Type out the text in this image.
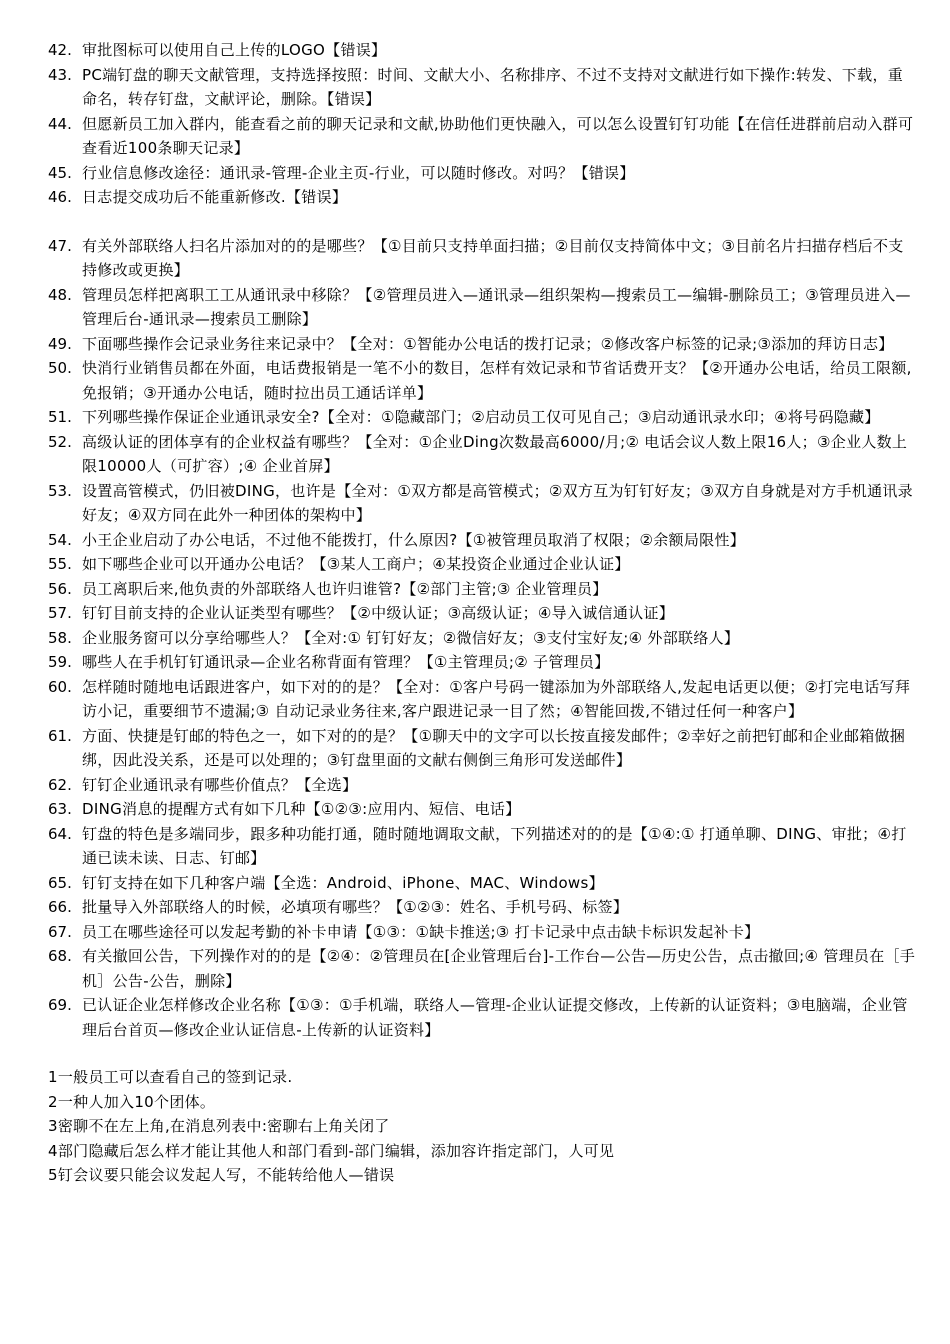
42. 审批图标可以使用自己上传的LOGO【错误】
43. PC端钉盘的聊天文献管理，支持选择按照：时间、文献大小、名称排序、不过不支持对文献进行如下操作:转发、下载，重命名，转存钉盘，文献评论，删除。【错误】
44. 但愿新员工加入群内，能查看之前的聊天记录和文献,协助他们更快融入，可以怎么设置钉钉功能【在信任进群前启动入群可查看近100条聊天记录】
45. 行业信息修改途径：通讯录-管理-企业主页-行业，可以随时修改。对吗？【错误】
46. 日志提交成功后不能重新修改.【错误】
47. 有关外部联络人扫名片添加对的的是哪些？【①目前只支持单面扫描；②目前仅支持简体中文；③目前名片扫描存档后不支持修改或更换】
48. 管理员怎样把离职工工从通讯录中移除？【②管理员进入—通讯录—组织架构—搜索员工—编辑-删除员工；③管理员进入—管理后台-通讯录—搜索员工删除】
49. 下面哪些操作会记录业务往来记录中？【全对：①智能办公电话的拨打记录；②修改客户标签的记录;③添加的拜访日志】
50. 快消行业销售员都在外面，电话费报销是一笔不小的数目，怎样有效记录和节省话费开支？【②开通办公电话，给员工限额,免报销；③开通办公电话，随时拉出员工通话详单】
51. 下列哪些操作保证企业通讯录安全?【全对：①隐藏部门；②启动员工仅可见自己；③启动通讯录水印；④将号码隐藏】
52. 高级认证的团体享有的企业权益有哪些？【全对：①企业Ding次数最高6000/月;② 电话会议人数上限16人；③企业人数上限10000人（可扩容）;④ 企业首屏】
53. 设置高管模式，仍旧被DING，也许是【全对：①双方都是高管模式；②双方互为钉钉好友；③双方自身就是对方手机通讯录好友；④双方同在此外一种团体的架构中】
54. 小王企业启动了办公电话，不过他不能拨打，什么原因?【①被管理员取消了权限；②余额局限性】
55. 如下哪些企业可以开通办公电话？【③某人工商户；④某投资企业通过企业认证】
56. 员工离职后来,他负责的外部联络人也许归谁管?【②部门主管;③ 企业管理员】
57. 钉钉目前支持的企业认证类型有哪些？【②中级认证；③高级认证；④导入诚信通认证】
58. 企业服务窗可以分享给哪些人？【全对:① 钉钉好友；②微信好友；③支付宝好友;④ 外部联络人】
59. 哪些人在手机钉钉通讯录—企业名称背面有管理？【①主管理员;② 子管理员】
60. 怎样随时随地电话跟进客户，如下对的的是？【全对：①客户号码一键添加为外部联络人,发起电话更以便；②打完电话写拜访小记，重要细节不遗漏;③ 自动记录业务往来,客户跟进记录一目了然；④智能回拨,不错过任何一种客户】
61. 方面、快捷是钉邮的特色之一，如下对的的是？【①聊天中的文字可以长按直接发邮件；②幸好之前把钉邮和企业邮箱做捆绑，因此没关系，还是可以处理的；③钉盘里面的文献右侧倒三角形可发送邮件】
62. 钉钉企业通讯录有哪些价值点？【全选】
63. DING消息的提醒方式有如下几种【①②③:应用内、短信、电话】
64. 钉盘的特色是多端同步，跟多种功能打通，随时随地调取文献，下列描述对的的是【①④:① 打通单聊、DING、审批；④打通已读未读、日志、钉邮】
65. 钉钉支持在如下几种客户端【全选：Android、iPhone、MAC、Windows】
66. 批量导入外部联络人的时候，必填项有哪些？【①②③：姓名、手机号码、标签】
67. 员工在哪些途径可以发起考勤的补卡申请【①③：①缺卡推送;③ 打卡记录中点击缺卡标识发起补卡】
68. 有关撤回公告，下列操作对的的是【②④：②管理员在[企业管理后台]-工作台—公告—历史公告，点击撤回;④ 管理员在［手机］公告-公告，删除】
69. 已认证企业怎样修改企业名称【①③：①手机端，联络人—管理-企业认证提交修改，上传新的认证资料；③电脑端，企业管理后台首页—修改企业认证信息-上传新的认证资料】
1一般员工可以查看自己的签到记录.
2一种人加入10个团体。
3密聊不在左上角,在消息列表中:密聊右上角关闭了
4部门隐藏后怎么样才能让其他人和部门看到-部门编辑，添加容许指定部门，人可见
5钉会议要只能会议发起人写，不能转给他人—错误
